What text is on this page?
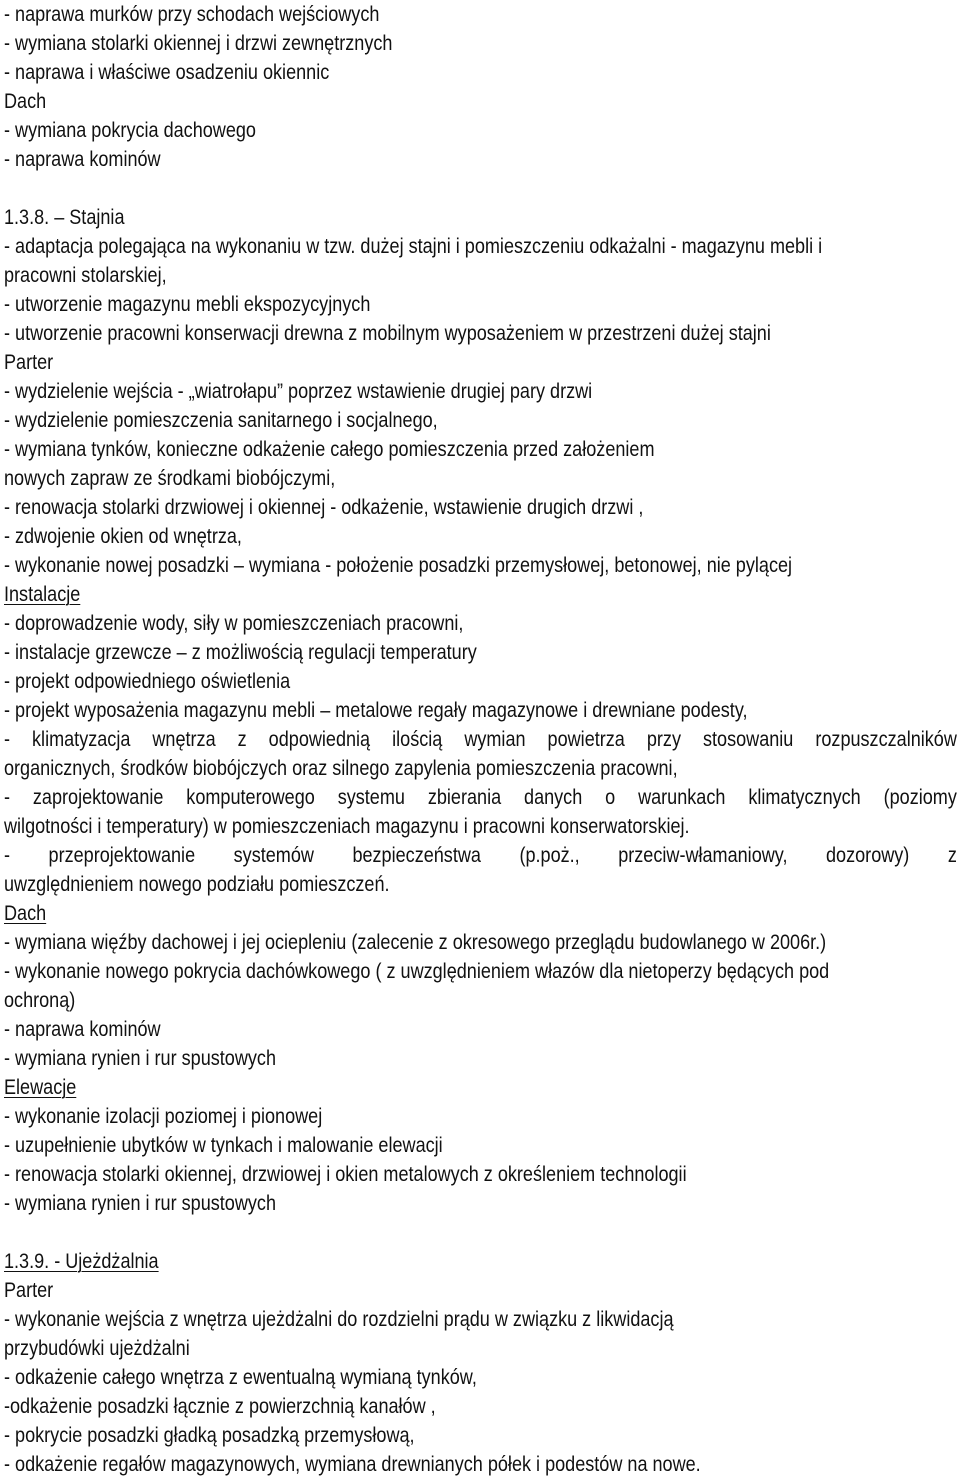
- naprawa murków przy schodach wejściowych
- wymiana stolarki okiennej i drzwi zewnętrznych
- naprawa i właściwe osadzeniu okiennic
Dach
- wymiana pokrycia dachowego
- naprawa kominów
1.3.8. – Stajnia
- adaptacja polegająca na wykonaniu w tzw. dużej stajni i pomieszczeniu odkażalni - magazynu mebli i
pracowni stolarskiej,
- utworzenie magazynu mebli ekspozycyjnych
- utworzenie pracowni konserwacji drewna z mobilnym wyposażeniem w przestrzeni dużej stajni
Parter
- wydzielenie wejścia - „wiatrołapu” poprzez wstawienie drugiej pary drzwi
- wydzielenie pomieszczenia sanitarnego i socjalnego,
- wymiana tynków, konieczne odkażenie całego pomieszczenia przed założeniem
nowych zapraw ze środkami biobójczymi,
- renowacja stolarki drzwiowej i okiennej - odkażenie, wstawienie drugich drzwi ,
- zdwojenie okien od wnętrza,
- wykonanie nowej posadzki – wymiana - położenie posadzki przemysłowej, betonowej, nie pylącej
Instalacje
- doprowadzenie wody, siły w pomieszczeniach pracowni,
- instalacje grzewcze – z możliwością regulacji temperatury
- projekt odpowiedniego oświetlenia
- projekt wyposażenia magazynu mebli – metalowe regały magazynowe i drewniane podesty,
- klimatyzacja wnętrza z odpowiednią ilością wymian powietrza przy stosowaniu rozpuszczalników
organicznych, środków biobójczych oraz silnego zapylenia pomieszczenia pracowni,
- zaprojektowanie komputerowego systemu zbierania danych o warunkach klimatycznych (poziomy
wilgotności i temperatury) w pomieszczeniach magazynu i pracowni konserwatorskiej.
- przeprojektowanie systemów bezpieczeństwa (p.poż., przeciw-włamaniowy, dozorowy) z
uwzględnieniem nowego podziału pomieszczeń.
Dach
- wymiana więźby dachowej i jej ociepleniu (zalecenie z okresowego przeglądu budowlanego w 2006r.)
- wykonanie nowego pokrycia dachówkowego ( z uwzględnieniem włazów dla nietoperzy będących pod
ochroną)
- naprawa kominów
- wymiana rynien i rur spustowych
Elewacje
- wykonanie izolacji poziomej i pionowej
- uzupełnienie ubytków w tynkach i malowanie elewacji
- renowacja stolarki okiennej, drzwiowej i okien metalowych z określeniem technologii
- wymiana rynien i rur spustowych
1.3.9. - Ujeżdżalnia
Parter
- wykonanie wejścia z wnętrza ujeżdżalni do rozdzielni prądu w związku z likwidacją
przybudówki ujeżdżalni
- odkażenie całego wnętrza z ewentualną wymianą tynków,
-odkażenie posadzki łącznie z powierzchnią kanałów ,
- pokrycie posadzki gładką posadzką przemysłową,
- odkażenie regałów magazynowych, wymiana drewnianych półek i podestów na nowe.
